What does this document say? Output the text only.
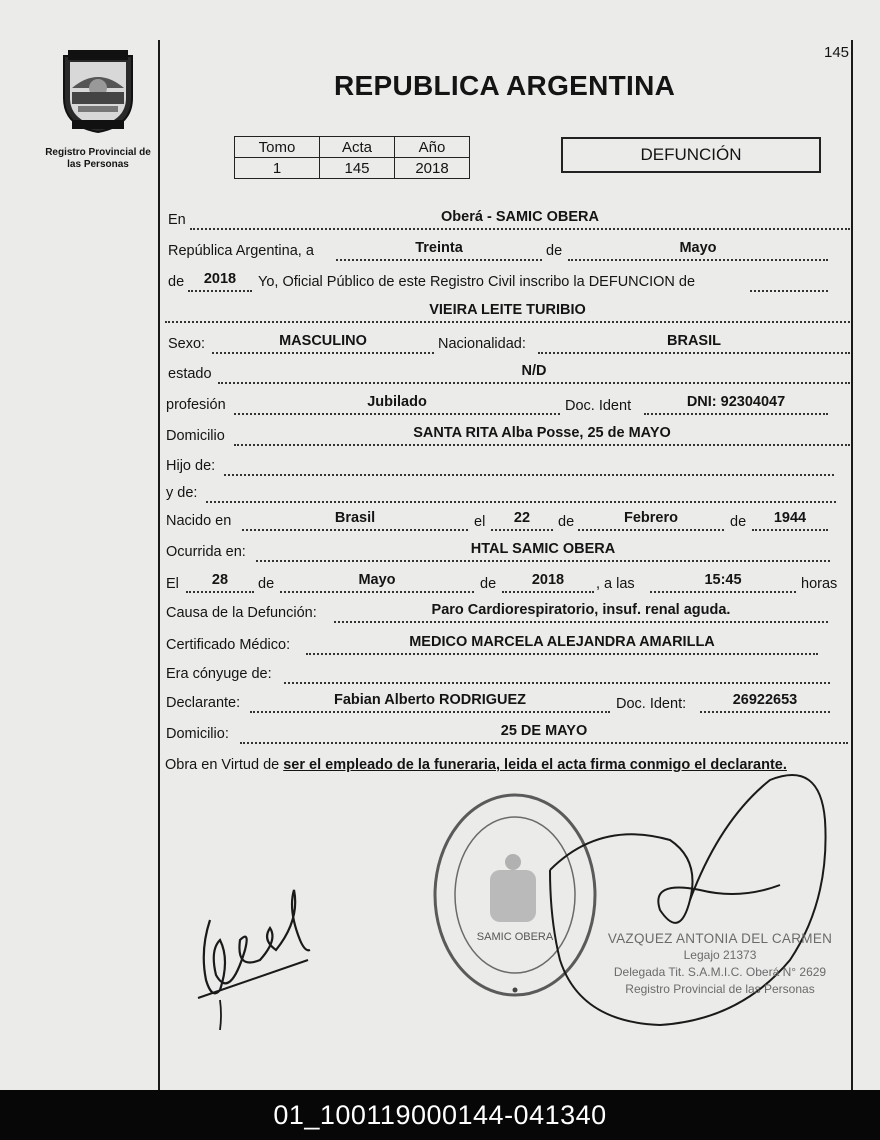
145
Registro Provincial de
las Personas
REPUBLICA ARGENTINA
Tomo	Acta	Año
1	145	2018
DEFUNCIÓN
En	Oberá - SAMIC OBERA
República Argentina, a	Treinta	de	Mayo
de	2018	Yo, Oficial Público de este Registro Civil inscribo la DEFUNCION de
VIEIRA LEITE TURIBIO
Sexo:	MASCULINO	Nacionalidad:	BRASIL
estado	N/D
profesión	Jubilado	Doc. Ident	DNI: 92304047
Domicilio	SANTA RITA Alba Posse, 25 de MAYO
Hijo de:
y de:
Nacido en	Brasil	el	22	de	Febrero	de	1944
Ocurrida en:	HTAL SAMIC OBERA
El	28	de	Mayo	de	2018	, a las	15:45	horas
Causa de la Defunción:	Paro Cardiorespiratorio, insuf. renal aguda.
Certificado Médico:	MEDICO MARCELA ALEJANDRA AMARILLA
Era cónyuge de:
Declarante:	Fabian Alberto RODRIGUEZ	Doc. Ident:	26922653
Domicilio:	25 DE MAYO
Obra en Virtud de ser el empleado de la funeraria, leida el acta firma conmigo el declarante.
SAMIC OBERA	VAZQUEZ ANTONIA DEL CARMEN
Legajo 21373
Delegada Tit. S.A.M.I.C. Oberá N° 2629
Registro Provincial de las Personas
01_100119000144-041340
